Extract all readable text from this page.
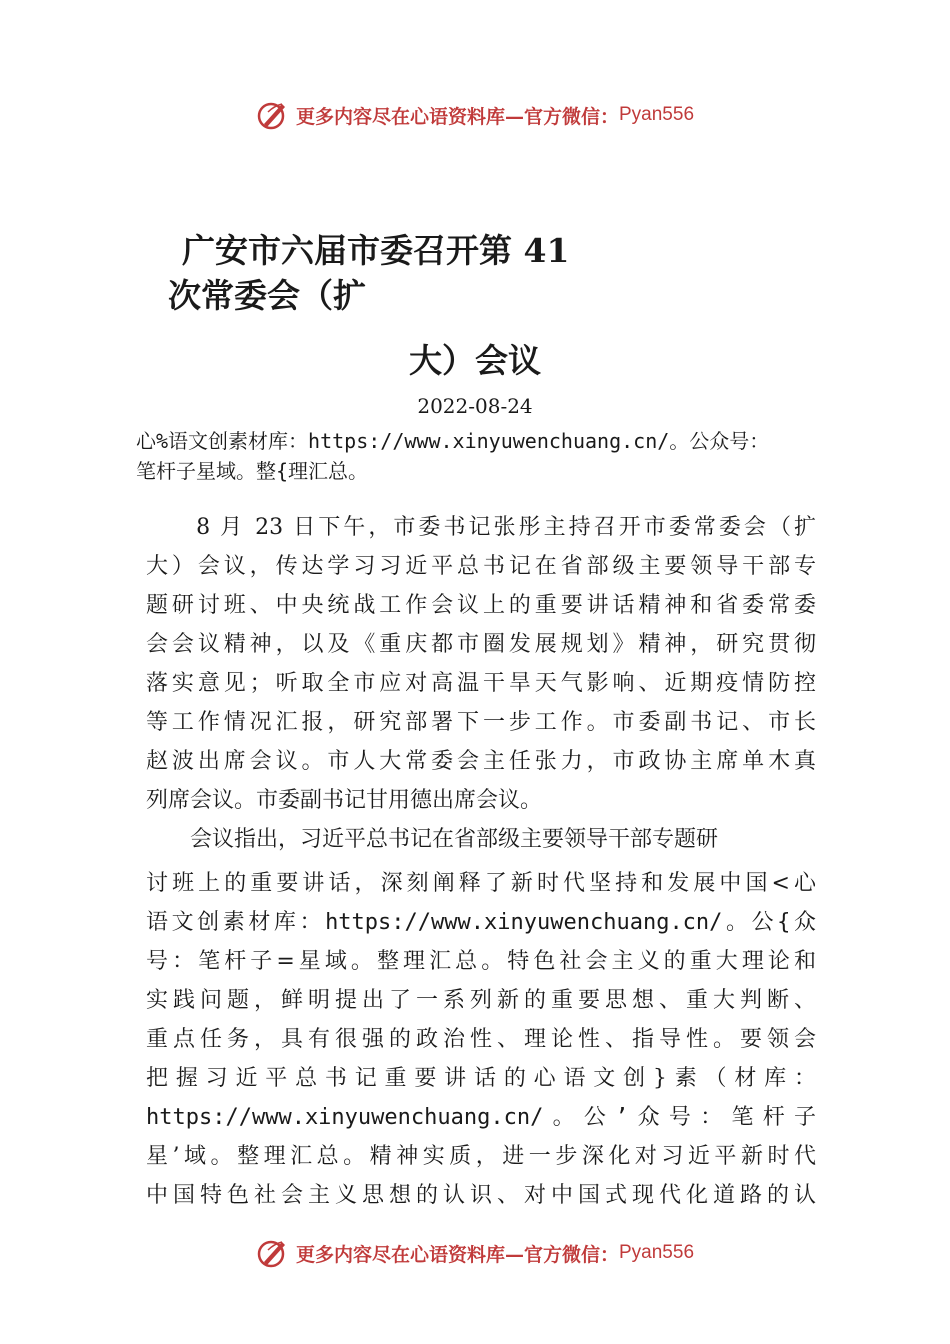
更多内容尽在心语资料库—官方微信： Pyan556
广安市六届市委召开第 41
次常委会（扩
大）会议
2022-08-24
心%语文创素材库：https://www.xinyuwenchuang.cn/。公众号：
笔杆子星域。整{理汇总。
　　8 月 23 日下午，市委书记张彤主持召开市委常委会（扩
大）会议，传达学习习近平总书记在省部级主要领导干部专
题研讨班、中央统战工作会议上的重要讲话精神和省委常委
会会议精神，以及《重庆都市圈发展规划》精神，研究贯彻
落实意见；听取全市应对高温干旱天气影响、近期疫情防控
等工作情况汇报，研究部署下一步工作。市委副书记、市长
赵波出席会议。市人大常委会主任张力，市政协主席单木真
列席会议。市委副书记甘用德出席会议。
　　会议指出，习近平总书记在省部级主要领导干部专题研
讨班上的重要讲话，深刻阐释了新时代坚持和发展中国<心
语文创素材库：https://www.xinyuwenchuang.cn/。公{众
号：笔杆子=星域。整理汇总。特色社会主义的重大理论和
实践问题，鲜明提出了一系列新的重要思想、重大判断、
重点任务，具有很强的政治性、理论性、指导性。要领会
把握习近平总书记重要讲话的心语文创}素（材库：
https://www.xinyuwenchuang.cn/。公’众号：笔杆子
星’域。整理汇总。精神实质，进一步深化对习近平新时代
中国特色社会主义思想的认识、对中国式现代化道路的认
更多内容尽在心语资料库—官方微信： Pyan556
